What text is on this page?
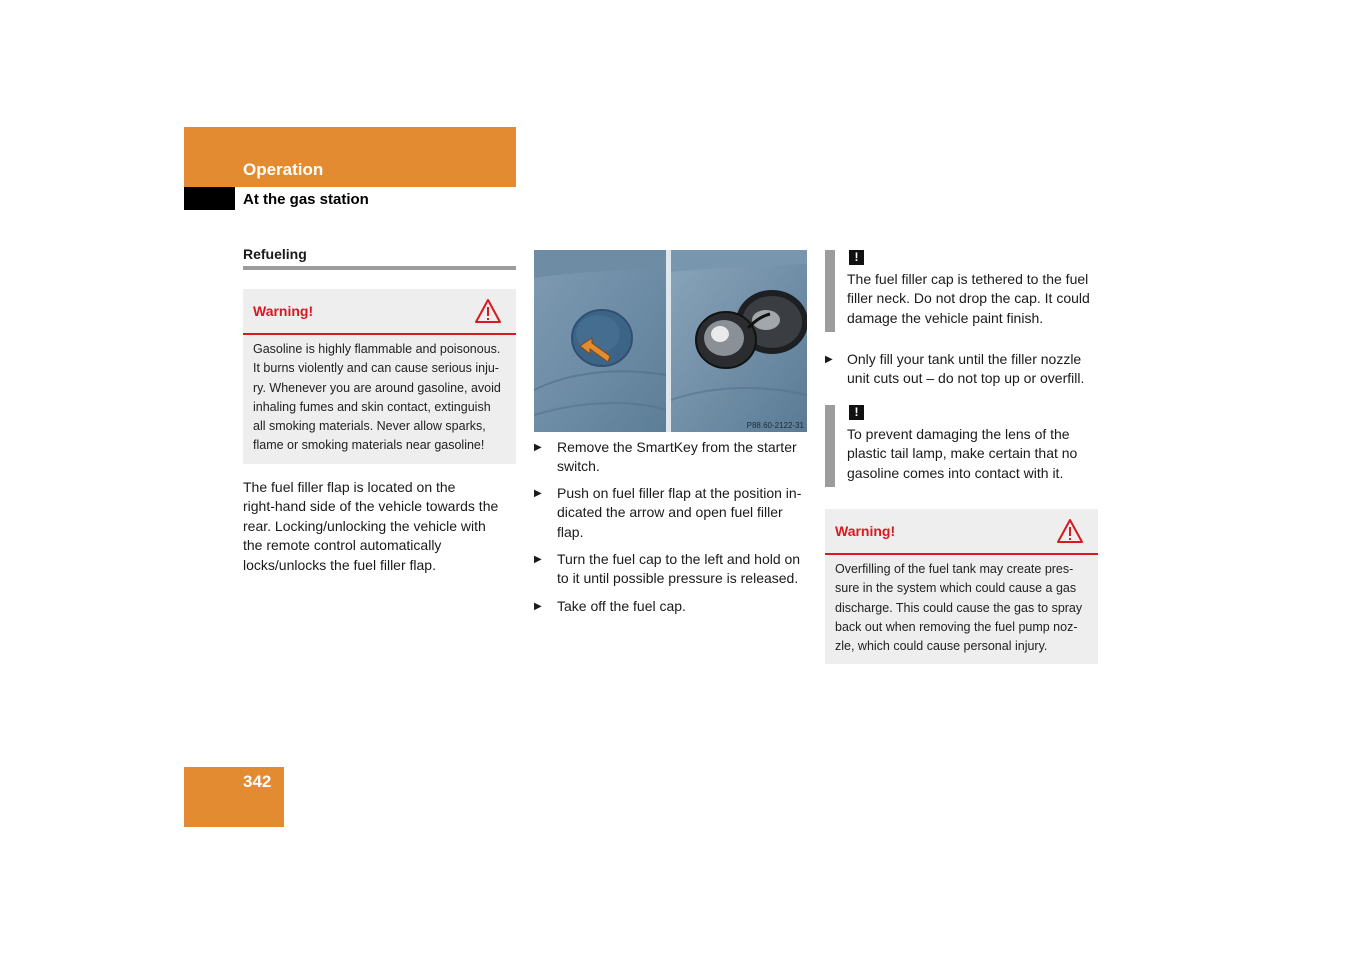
Operation
At the gas station
Refueling
Warning!
Gasoline is highly flammable and poisonous.
It burns violently and can cause serious inju-
ry. Whenever you are around gasoline, avoid
inhaling fumes and skin contact, extinguish
all smoking materials. Never allow sparks,
flame or smoking materials near gasoline!
The fuel filler flap is located on the
right-hand side of the vehicle towards the
rear. Locking/unlocking the vehicle with
the remote control automatically
locks/unlocks the fuel filler flap.
P88.60-2122-31
▶ Remove the SmartKey from the starter
switch.
▶ Push on fuel filler flap at the position in-
dicated the arrow and open fuel filler
flap.
▶ Turn the fuel cap to the left and hold on
to it until possible pressure is released.
▶ Take off the fuel cap.
!
The fuel filler cap is tethered to the fuel
filler neck. Do not drop the cap. It could
damage the vehicle paint finish.
▶ Only fill your tank until the filler nozzle
unit cuts out – do not top up or overfill.
!
To prevent damaging the lens of the
plastic tail lamp, make certain that no
gasoline comes into contact with it.
Warning!
Overfilling of the fuel tank may create pres-
sure in the system which could cause a gas
discharge. This could cause the gas to spray
back out when removing the fuel pump noz-
zle, which could cause personal injury.
342
